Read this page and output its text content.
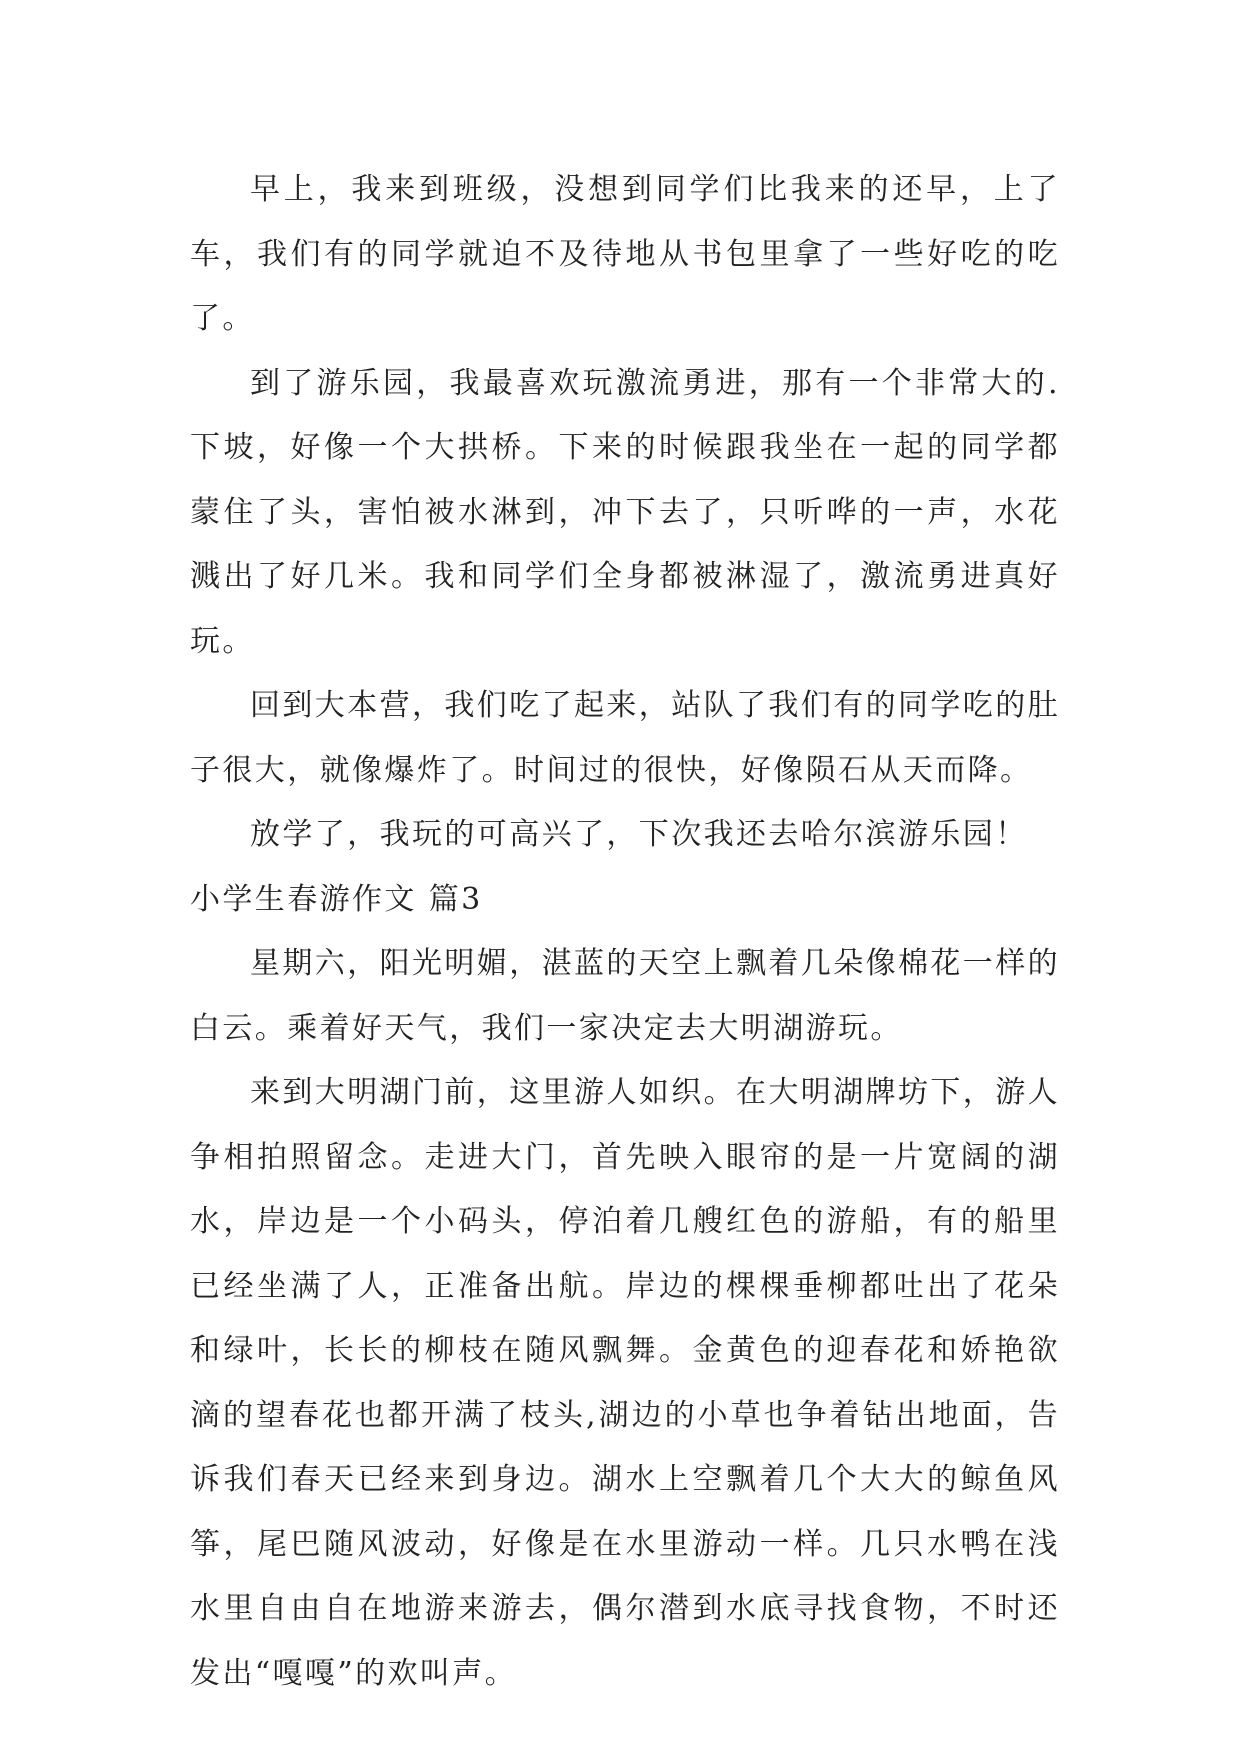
早上，我来到班级，没想到同学们比我来的还早，上了车，我们有的同学就迫不及待地从书包里拿了一些好吃的吃了。

到了游乐园，我最喜欢玩激流勇进，那有一个非常大的.下坡，好像一个大拱桥。下来的时候跟我坐在一起的同学都蒙住了头，害怕被水淋到，冲下去了，只听哗的一声，水花溅出了好几米。我和同学们全身都被淋湿了，激流勇进真好玩。

回到大本营，我们吃了起来，站队了我们有的同学吃的肚子很大，就像爆炸了。时间过的很快，好像陨石从天而降。

放学了，我玩的可高兴了，下次我还去哈尔滨游乐园！

小学生春游作文 篇3

星期六，阳光明媚，湛蓝的天空上飘着几朵像棉花一样的白云。乘着好天气，我们一家决定去大明湖游玩。

来到大明湖门前，这里游人如织。在大明湖牌坊下，游人争相拍照留念。走进大门，首先映入眼帘的是一片宽阔的湖水，岸边是一个小码头，停泊着几艘红色的游船，有的船里已经坐满了人，正准备出航。岸边的棵棵垂柳都吐出了花朵和绿叶，长长的柳枝在随风飘舞。金黄色的迎春花和娇艳欲滴的望春花也都开满了枝头,湖边的小草也争着钻出地面，告诉我们春天已经来到身边。湖水上空飘着几个大大的鲸鱼风筝，尾巴随风波动，好像是在水里游动一样。几只水鸭在浅水里自由自在地游来游去，偶尔潜到水底寻找食物，不时还发出“嘎嘎”的欢叫声。
